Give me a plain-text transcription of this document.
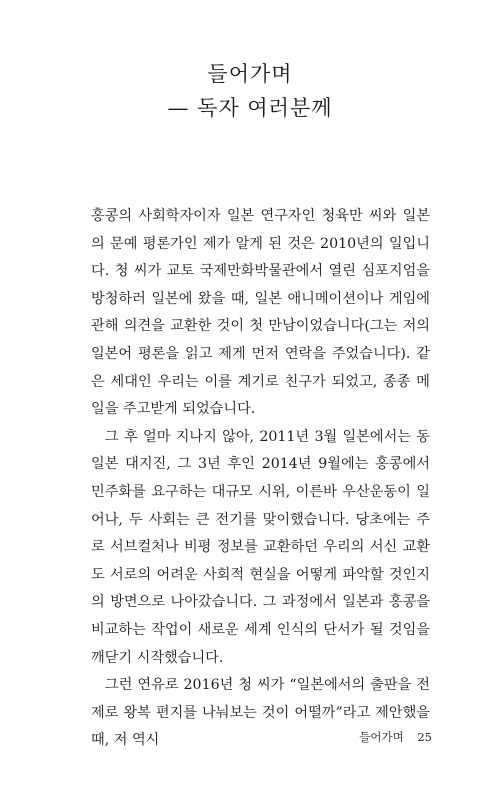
들어가며
— 독자 여러분께

홍콩의 사회학자이자 일본 연구자인 청육만 씨와 일본의 문예 평론가인 제가 알게 된 것은 2010년의 일입니다. 청 씨가 교토 국제만화박물관에서 열린 심포지엄을 방청하러 일본에 왔을 때, 일본 애니메이션이나 게임에 관해 의견을 교환한 것이 첫 만남이었습니다(그는 저의 일본어 평론을 읽고 제게 먼저 연락을 주었습니다). 같은 세대인 우리는 이를 계기로 친구가 되었고, 종종 메일을 주고받게 되었습니다.

그 후 얼마 지나지 않아, 2011년 3월 일본에서는 동일본 대지진, 그 3년 후인 2014년 9월에는 홍콩에서 민주화를 요구하는 대규모 시위, 이른바 우산운동이 일어나, 두 사회는 큰 전기를 맞이했습니다. 당초에는 주로 서브컬처나 비평 정보를 교환하던 우리의 서신 교환도 서로의 어려운 사회적 현실을 어떻게 파악할 것인지의 방면으로 나아갔습니다. 그 과정에서 일본과 홍콩을 비교하는 작업이 새로운 세계 인식의 단서가 될 것임을 깨닫기 시작했습니다.

그런 연유로 2016년 청 씨가 “일본에서의 출판을 전제로 왕복 편지를 나눠보는 것이 어떨까”라고 제안했을 때, 저 역시	들어가며 25
